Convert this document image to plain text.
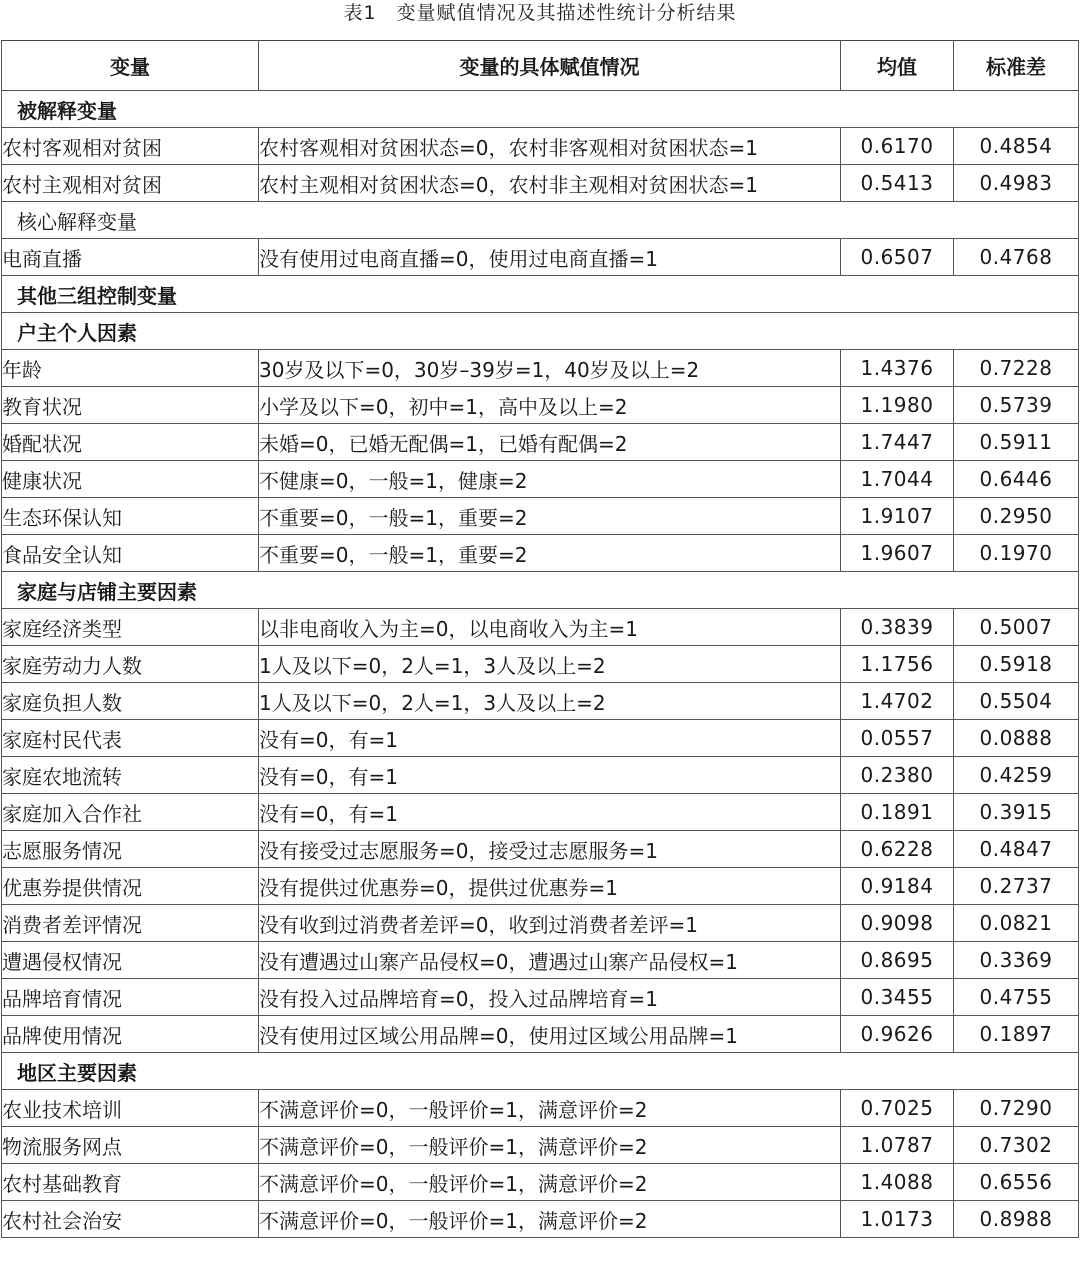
表1　变量赋值情况及其描述性统计分析结果
变量	变量的具体赋值情况	均值	标准差
被解释变量			
农村客观相对贫困	农村客观相对贫困状态=0，农村非客观相对贫困状态=1	0.6170	0.4854
农村主观相对贫困	农村主观相对贫困状态=0，农村非主观相对贫困状态=1	0.5413	0.4983
核心解释变量			
电商直播	没有使用过电商直播=0，使用过电商直播=1	0.6507	0.4768
其他三组控制变量			
户主个人因素			
年龄	30岁及以下=0，30岁–39岁=1，40岁及以上=2	1.4376	0.7228
教育状况	小学及以下=0，初中=1，高中及以上=2	1.1980	0.5739
婚配状况	未婚=0，已婚无配偶=1，已婚有配偶=2	1.7447	0.5911
健康状况	不健康=0，一般=1，健康=2	1.7044	0.6446
生态环保认知	不重要=0，一般=1，重要=2	1.9107	0.2950
食品安全认知	不重要=0，一般=1，重要=2	1.9607	0.1970
家庭与店铺主要因素			
家庭经济类型	以非电商收入为主=0，以电商收入为主=1	0.3839	0.5007
家庭劳动力人数	1人及以下=0，2人=1，3人及以上=2	1.1756	0.5918
家庭负担人数	1人及以下=0，2人=1，3人及以上=2	1.4702	0.5504
家庭村民代表	没有=0，有=1	0.0557	0.0888
家庭农地流转	没有=0，有=1	0.2380	0.4259
家庭加入合作社	没有=0，有=1	0.1891	0.3915
志愿服务情况	没有接受过志愿服务=0，接受过志愿服务=1	0.6228	0.4847
优惠券提供情况	没有提供过优惠券=0，提供过优惠券=1	0.9184	0.2737
消费者差评情况	没有收到过消费者差评=0，收到过消费者差评=1	0.9098	0.0821
遭遇侵权情况	没有遭遇过山寨产品侵权=0，遭遇过山寨产品侵权=1	0.8695	0.3369
品牌培育情况	没有投入过品牌培育=0，投入过品牌培育=1	0.3455	0.4755
品牌使用情况	没有使用过区域公用品牌=0，使用过区域公用品牌=1	0.9626	0.1897
地区主要因素			
农业技术培训	不满意评价=0，一般评价=1，满意评价=2	0.7025	0.7290
物流服务网点	不满意评价=0，一般评价=1，满意评价=2	1.0787	0.7302
农村基础教育	不满意评价=0，一般评价=1，满意评价=2	1.4088	0.6556
农村社会治安	不满意评价=0，一般评价=1，满意评价=2	1.0173	0.8988
